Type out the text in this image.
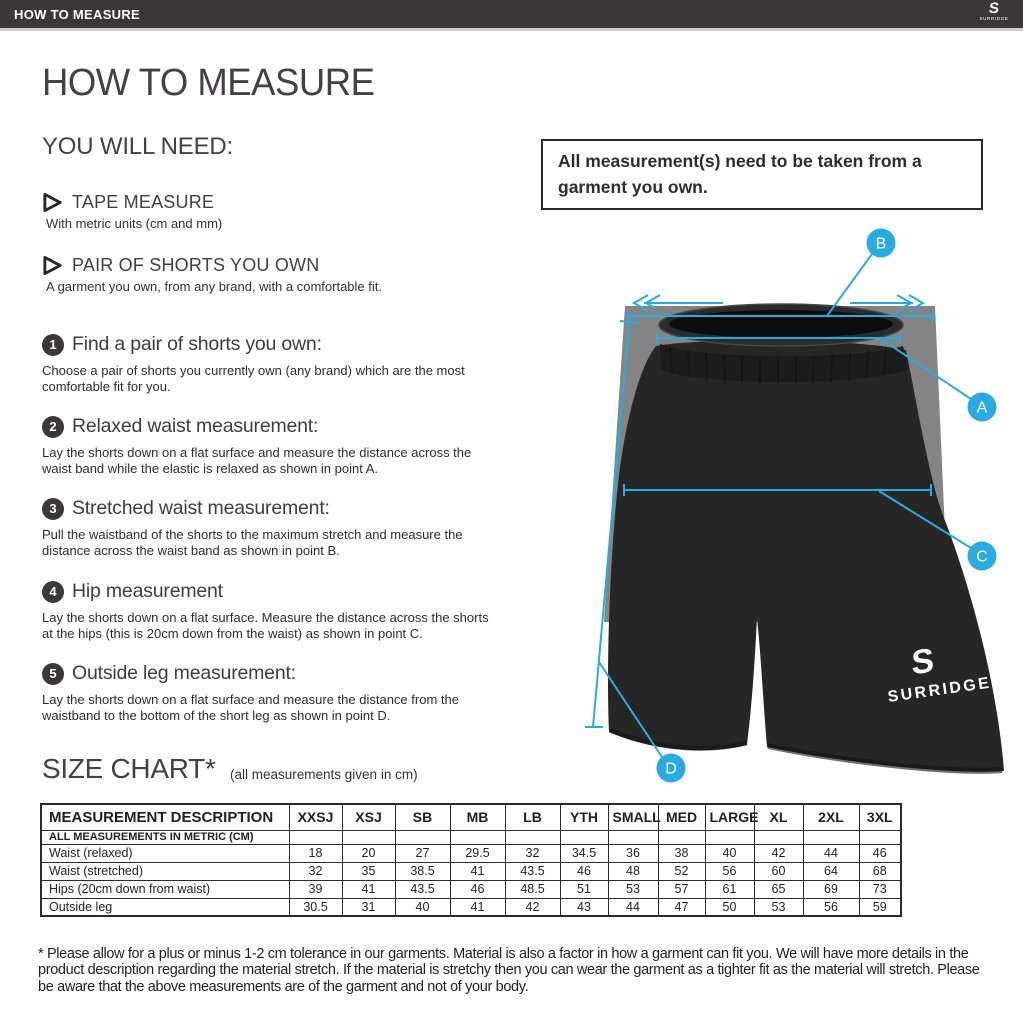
HOW TO MEASURE	S
SURRIDGE
HOW TO MEASURE
YOU WILL NEED:
TAPE MEASURE
With metric units (cm and mm)
PAIR OF SHORTS YOU OWN
A garment you own, from any brand, with a comfortable fit.

All measurement(s) need to be taken from a garment you own.

1 Find a pair of shorts you own:

Choose a pair of shorts you currently own (any brand) which are the most comfortable fit for you.

2 Relaxed waist measurement:

Lay the shorts down on a flat surface and measure the distance across the waist band while the elastic is relaxed as shown in point A.

3 Stretched waist measurement:

Pull the waistband of the shorts to the maximum stretch and measure the distance across the waist band as shown in point B.

4 Hip measurement

Lay the shorts down on a flat surface. Measure the distance across the shorts at the hips (this is 20cm down from the waist) as shown in point C.

5 Outside leg measurement:

Lay the shorts down on a flat surface and measure the distance from the waistband to the bottom of the short leg as shown in point D.

S
SURRIDGE
B
A
C
D
SIZE CHART* (all measurements given in cm)
MEASUREMENT DESCRIPTION	XXSJ	XSJ	SB	MB	LB	YTH	SMALL	MED	LARGE	XL	2XL	3XL
ALL MEASUREMENTS IN METRIC (CM)												
Waist (relaxed)	18	20	27	29.5	32	34.5	36	38	40	42	44	46
Waist (stretched)	32	35	38.5	41	43.5	46	48	52	56	60	64	68
Hips (20cm down from waist)	39	41	43.5	46	48.5	51	53	57	61	65	69	73
Outside leg	30.5	31	40	41	42	43	44	47	50	53	56	59

* Please allow for a plus or minus 1-2 cm tolerance in our garments. Material is also a factor in how a garment can fit you. We will have more details in the product description regarding the material stretch. If the material is stretchy then you can wear the garment as a tighter fit as the material will stretch. Please be aware that the above measurements are of the garment and not of your body.
